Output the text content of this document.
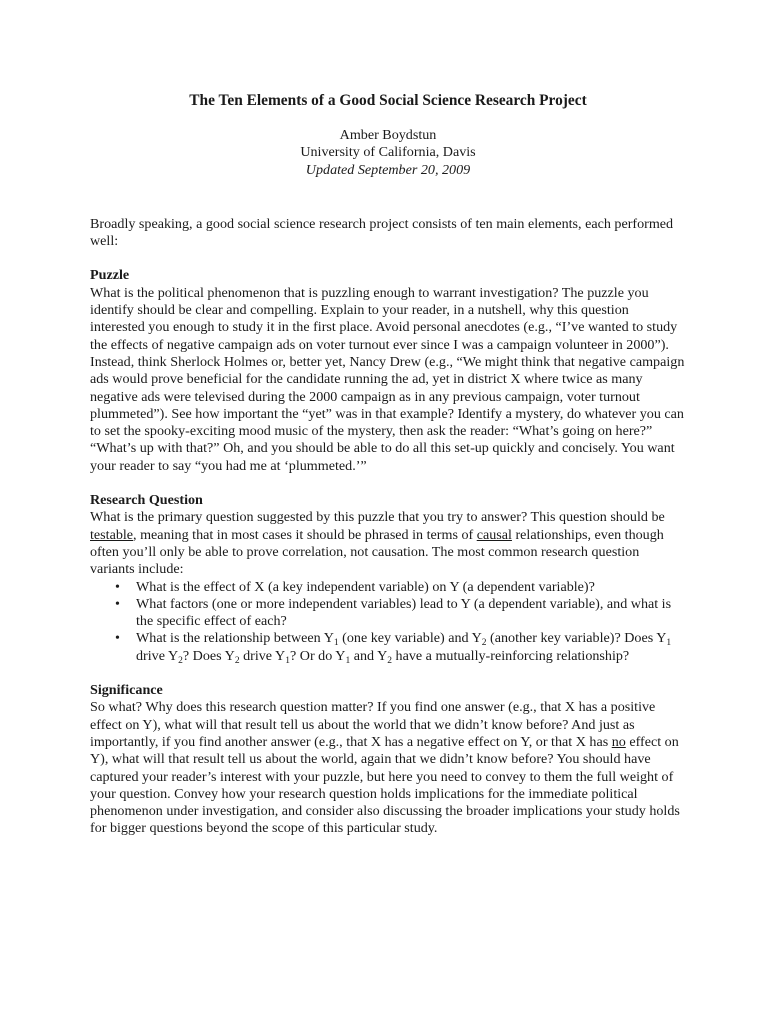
The Ten Elements of a Good Social Science Research Project
Amber Boydstun
University of California, Davis
Updated September 20, 2009

Broadly speaking, a good social science research project consists of ten main elements, each performed well:

Puzzle

What is the political phenomenon that is puzzling enough to warrant investigation? The puzzle you identify should be clear and compelling. Explain to your reader, in a nutshell, why this question interested you enough to study it in the first place. Avoid personal anecdotes (e.g., “I’ve wanted to study the effects of negative campaign ads on voter turnout ever since I was a campaign volunteer in 2000”). Instead, think Sherlock Holmes or, better yet, Nancy Drew (e.g., “We might think that negative campaign ads would prove beneficial for the candidate running the ad, yet in district X where twice as many negative ads were televised during the 2000 campaign as in any previous campaign, voter turnout plummeted”). See how important the “yet” was in that example? Identify a mystery, do whatever you can to set the spooky-exciting mood music of the mystery, then ask the reader: “What’s going on here?” “What’s up with that?” Oh, and you should be able to do all this set-up quickly and concisely. You want your reader to say “you had me at ‘plummeted.’”

Research Question

What is the primary question suggested by this puzzle that you try to answer? This question should be testable, meaning that in most cases it should be phrased in terms of causal relationships, even though often you’ll only be able to prove correlation, not causation. The most common research question variants include:

• What is the effect of X (a key independent variable) on Y (a dependent variable)?
• What factors (one or more independent variables) lead to Y (a dependent variable), and what is the specific effect of each?
• What is the relationship between $Y_1$ (one key variable) and $Y_2$ (another key variable)? Does $Y_1$ drive $Y_2$? Does $Y_2$ drive $Y_1$? Or do $Y_1$ and $Y_2$ have a mutually-reinforcing relationship?
Significance

So what? Why does this research question matter? If you find one answer (e.g., that X has a positive effect on Y), what will that result tell us about the world that we didn’t know before? And just as importantly, if you find another answer (e.g., that X has a negative effect on Y, or that X has no effect on Y), what will that result tell us about the world, again that we didn’t know before? You should have captured your reader’s interest with your puzzle, but here you need to convey to them the full weight of your question. Convey how your research question holds implications for the immediate political phenomenon under investigation, and consider also discussing the broader implications your study holds for bigger questions beyond the scope of this particular study.
